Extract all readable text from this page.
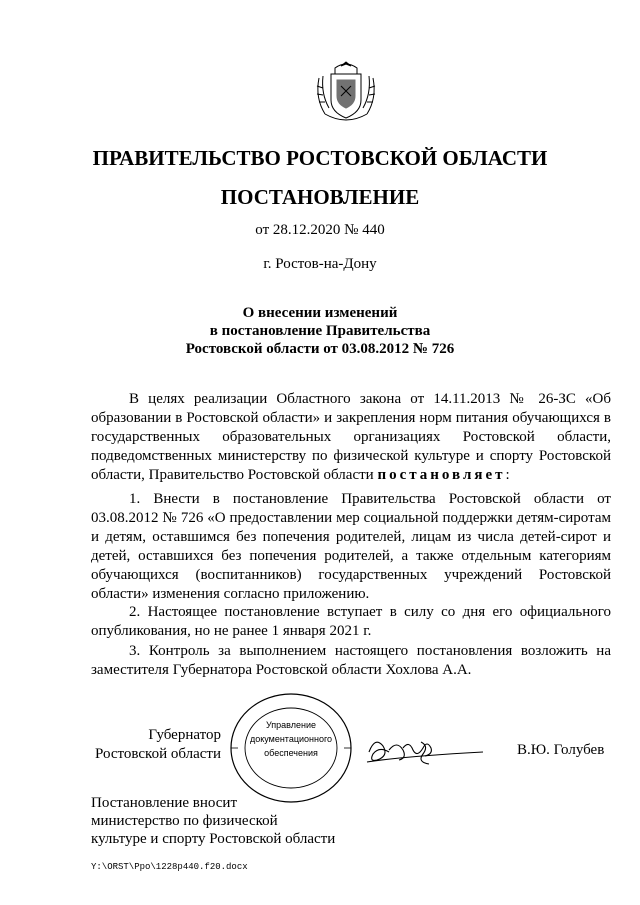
ПРАВИТЕЛЬСТВО РОСТОВСКОЙ ОБЛАСТИ
ПОСТАНОВЛЕНИЕ
от 28.12.2020 № 440
г. Ростов-на-Дону
О внесении изменений
в постановление Правительства
Ростовской области от 03.08.2012 № 726
В целях реализации Областного закона от 14.11.2013 № 26-ЗС «Об образовании в Ростовской области» и закрепления норм питания обучающихся в государственных образовательных организациях Ростовской области, подведомственных министерству по физической культуре и спорту Ростовской области, Правительство Ростовской области постановляет:
1. Внести в постановление Правительства Ростовской области от 03.08.2012 № 726 «О предоставлении мер социальной поддержки детям-сиротам и детям, оставшимся без попечения родителей, лицам из числа детей-сирот и детей, оставшихся без попечения родителей, а также отдельным категориям обучающихся (воспитанников) государственных учреждений Ростовской области» изменения согласно приложению.
2. Настоящее постановление вступает в силу со дня его официального опубликования, но не ранее 1 января 2021 г.
3. Контроль за выполнением настоящего постановления возложить на заместителя Губернатора Ростовской области Хохлова А.А.
Губернатор
Ростовской области
Управление
документационного
обеспечения	В.Ю. Голубев
Постановление вносит
министерство по физической
культуре и спорту Ростовской области
Y:\ORST\Ppo\1228p440.f20.docx
